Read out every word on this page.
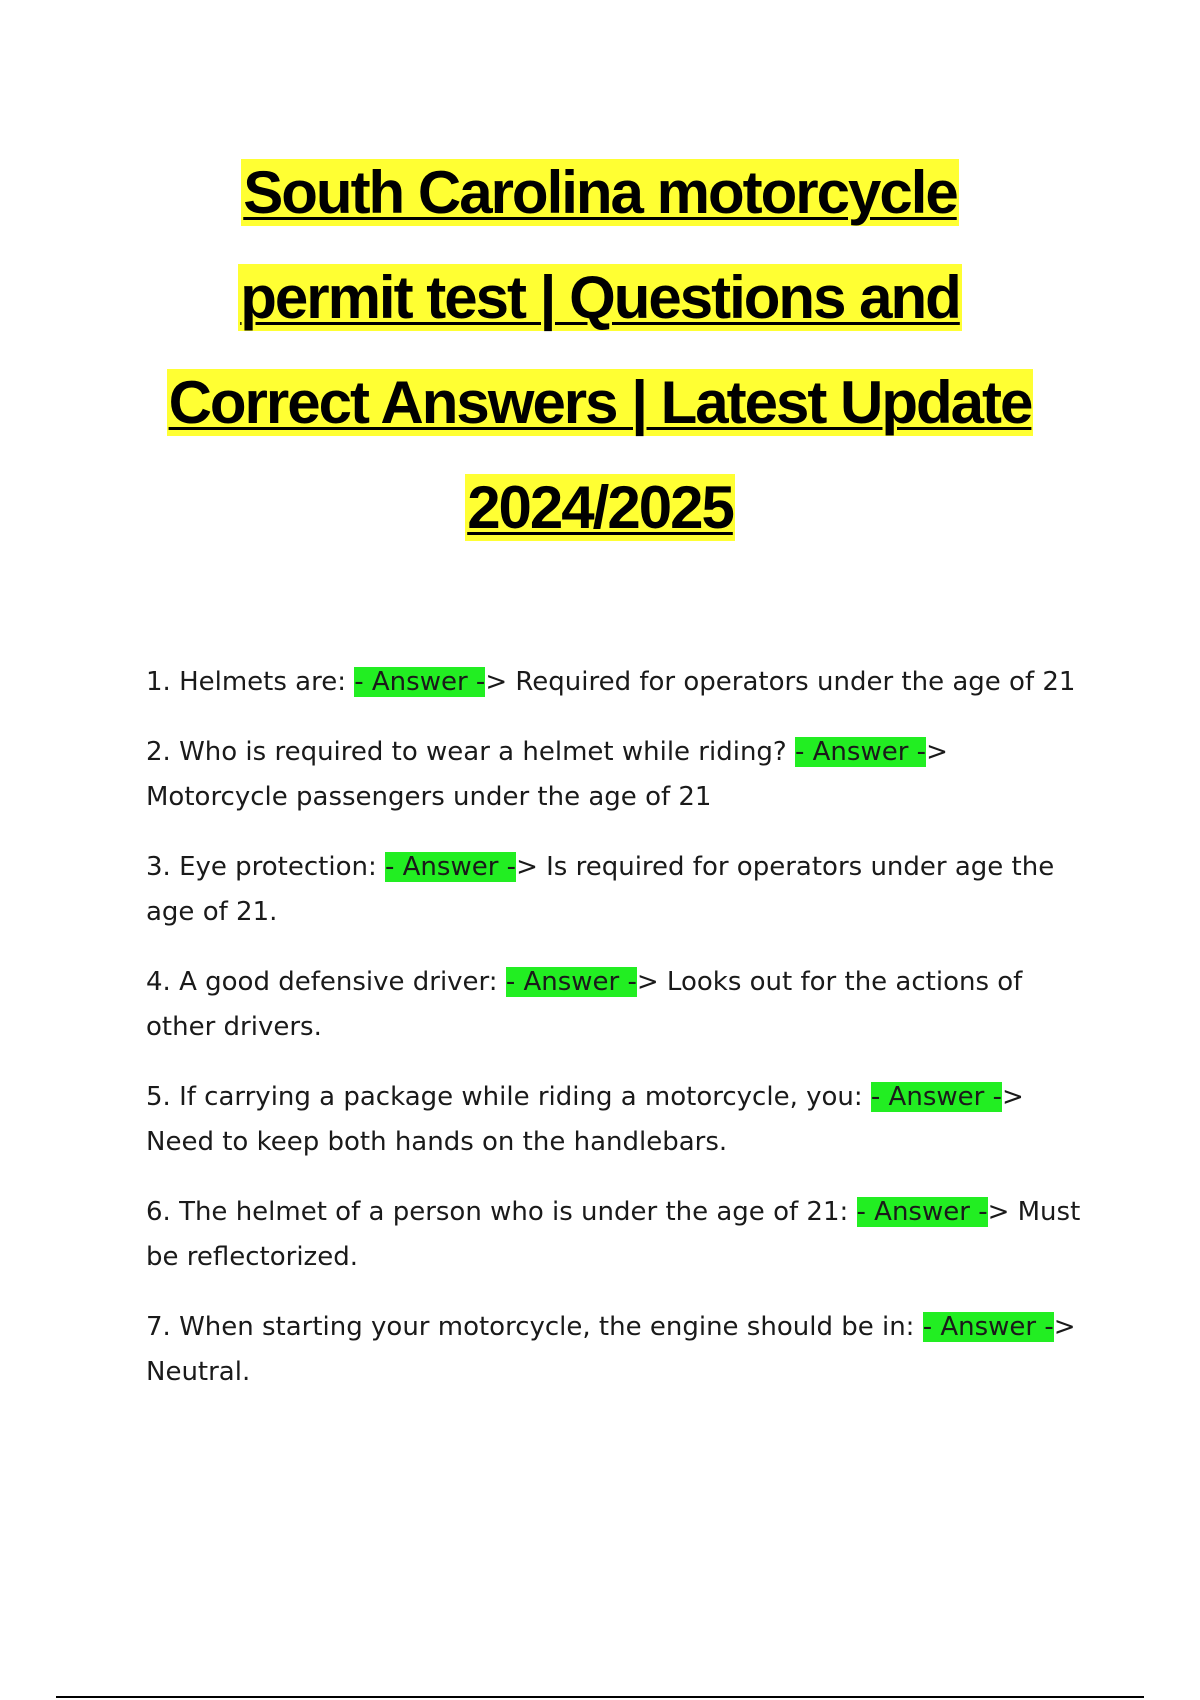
South Carolina motorcycle
permit test | Questions and
Correct Answers | Latest Update
2024/2025
1. Helmets are: - Answer -> Required for operators under the age of 21
2. Who is required to wear a helmet while riding? - Answer -> Motorcycle passengers under the age of 21
3. Eye protection: - Answer -> Is required for operators under age the age of 21.
4. A good defensive driver: - Answer -> Looks out for the actions of other drivers.
5. If carrying a package while riding a motorcycle, you: - Answer -> Need to keep both hands on the handlebars.
6. The helmet of a person who is under the age of 21: - Answer -> Must be reflectorized.
7. When starting your motorcycle, the engine should be in: - Answer -> Neutral.
